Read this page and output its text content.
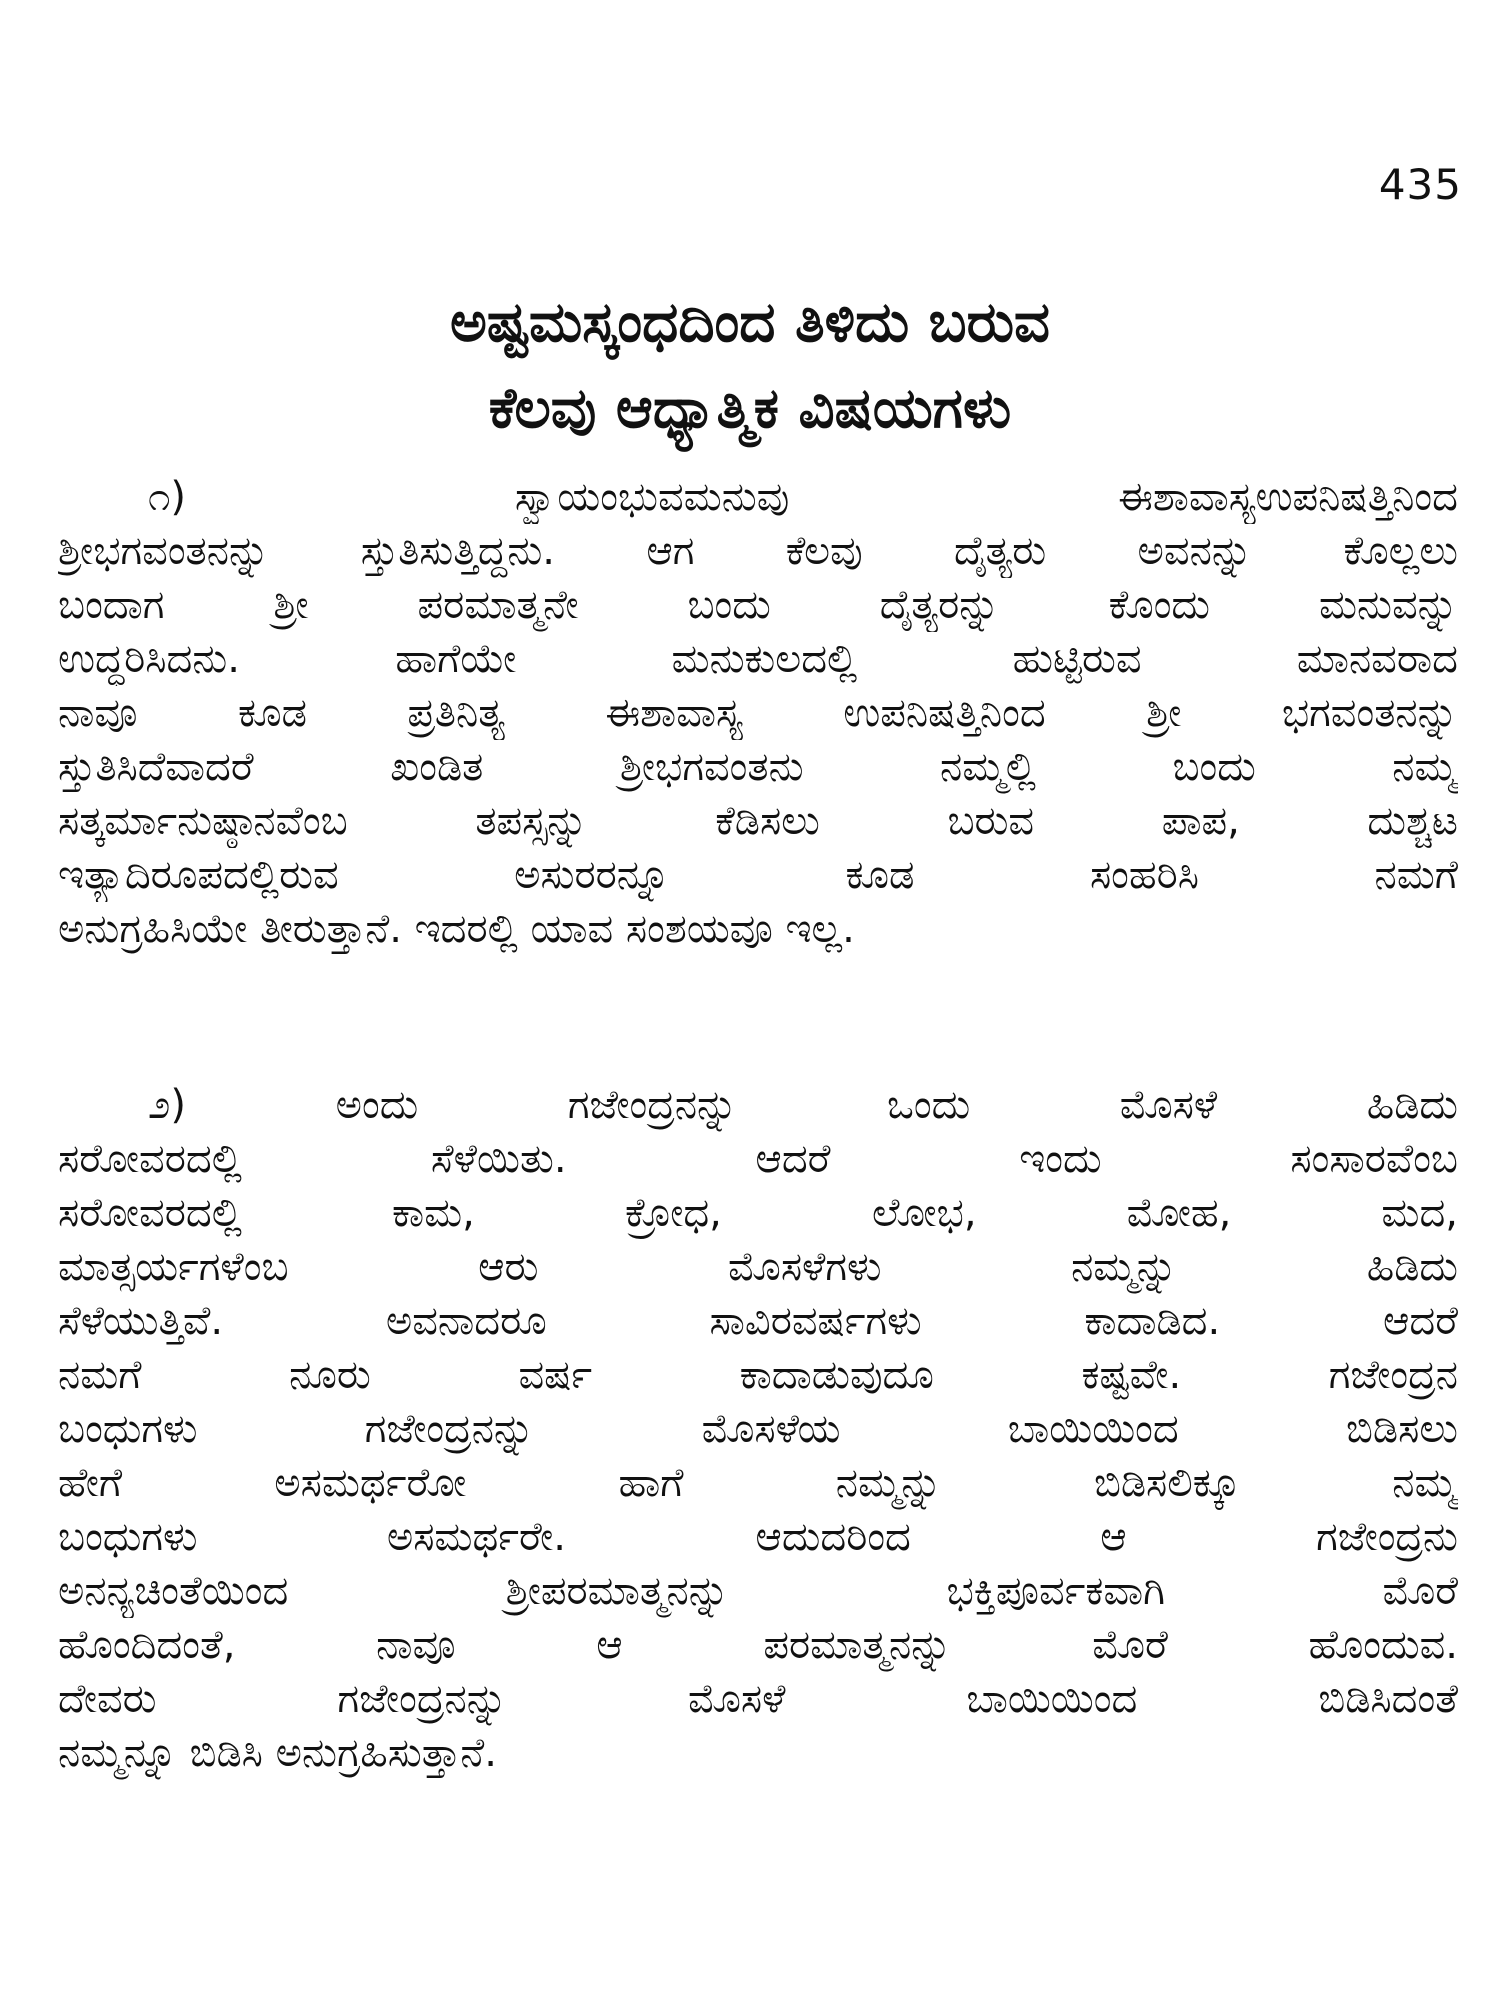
435
ಅಷ್ಟಮಸ್ಕಂಧದಿಂದ ತಿಳಿದು ಬರುವ
ಕೆಲವು ಆಧ್ಯಾತ್ಮಿಕ ವಿಷಯಗಳು
೧) ಸ್ವಾಯಂಭುವಮನುವು ಈಶಾವಾಸ್ಯಉಪನಿಷತ್ತಿನಿಂದ
ಶ್ರೀಭಗವಂತನನ್ನು ಸ್ತುತಿಸುತ್ತಿದ್ದನು. ಆಗ ಕೆಲವು ದೈತ್ಯರು ಅವನನ್ನು ಕೊಲ್ಲಲು
ಬಂದಾಗ ಶ್ರೀ ಪರಮಾತ್ಮನೇ ಬಂದು ದೈತ್ಯರನ್ನು ಕೊಂದು ಮನುವನ್ನು
ಉದ್ಧರಿಸಿದನು. ಹಾಗೆಯೇ ಮನುಕುಲದಲ್ಲಿ ಹುಟ್ಟಿರುವ ಮಾನವರಾದ
ನಾವೂ ಕೂಡ ಪ್ರತಿನಿತ್ಯ ಈಶಾವಾಸ್ಯ ಉಪನಿಷತ್ತಿನಿಂದ ಶ್ರೀ ಭಗವಂತನನ್ನು
ಸ್ತುತಿಸಿದೆವಾದರೆ ಖಂಡಿತ ಶ್ರೀಭಗವಂತನು ನಮ್ಮಲ್ಲಿ ಬಂದು ನಮ್ಮ
ಸತ್ಕರ್ಮಾನುಷ್ಠಾನವೆಂಬ ತಪಸ್ಸನ್ನು ಕೆಡಿಸಲು ಬರುವ ಪಾಪ, ದುಶ್ಚಟ
ಇತ್ಯಾದಿರೂಪದಲ್ಲಿರುವ ಅಸುರರನ್ನೂ ಕೂಡ ಸಂಹರಿಸಿ ನಮಗೆ
ಅನುಗ್ರಹಿಸಿಯೇ ತೀರುತ್ತಾನೆ. ಇದರಲ್ಲಿ ಯಾವ ಸಂಶಯವೂ ಇಲ್ಲ.
೨) ಅಂದು ಗಜೇಂದ್ರನನ್ನು ಒಂದು ಮೊಸಳೆ ಹಿಡಿದು
ಸರೋವರದಲ್ಲಿ ಸೆಳೆಯಿತು. ಆದರೆ ಇಂದು ಸಂಸಾರವೆಂಬ
ಸರೋವರದಲ್ಲಿ ಕಾಮ, ಕ್ರೋಧ, ಲೋಭ, ಮೋಹ, ಮದ,
ಮಾತ್ಸರ್ಯಗಳೆಂಬ ಆರು ಮೊಸಳೆಗಳು ನಮ್ಮನ್ನು ಹಿಡಿದು
ಸೆಳೆಯುತ್ತಿವೆ. ಅವನಾದರೂ ಸಾವಿರವರ್ಷಗಳು ಕಾದಾಡಿದ. ಆದರೆ
ನಮಗೆ ನೂರು ವರ್ಷ ಕಾದಾಡುವುದೂ ಕಷ್ಟವೇ. ಗಜೇಂದ್ರನ
ಬಂಧುಗಳು ಗಜೇಂದ್ರನನ್ನು ಮೊಸಳೆಯ ಬಾಯಿಯಿಂದ ಬಿಡಿಸಲು
ಹೇಗೆ ಅಸಮರ್ಥರೋ ಹಾಗೆ ನಮ್ಮನ್ನು ಬಿಡಿಸಲಿಕ್ಕೂ ನಮ್ಮ
ಬಂಧುಗಳು ಅಸಮರ್ಥರೇ. ಆದುದರಿಂದ ಆ ಗಜೇಂದ್ರನು
ಅನನ್ಯಚಿಂತೆಯಿಂದ ಶ್ರೀಪರಮಾತ್ಮನನ್ನು ಭಕ್ತಿಪೂರ್ವಕವಾಗಿ ಮೊರೆ
ಹೊಂದಿದಂತೆ, ನಾವೂ ಆ ಪರಮಾತ್ಮನನ್ನು ಮೊರೆ ಹೊಂದುವ.
ದೇವರು ಗಜೇಂದ್ರನನ್ನು ಮೊಸಳೆ ಬಾಯಿಯಿಂದ ಬಿಡಿಸಿದಂತೆ
ನಮ್ಮನ್ನೂ ಬಿಡಿಸಿ ಅನುಗ್ರಹಿಸುತ್ತಾನೆ.
